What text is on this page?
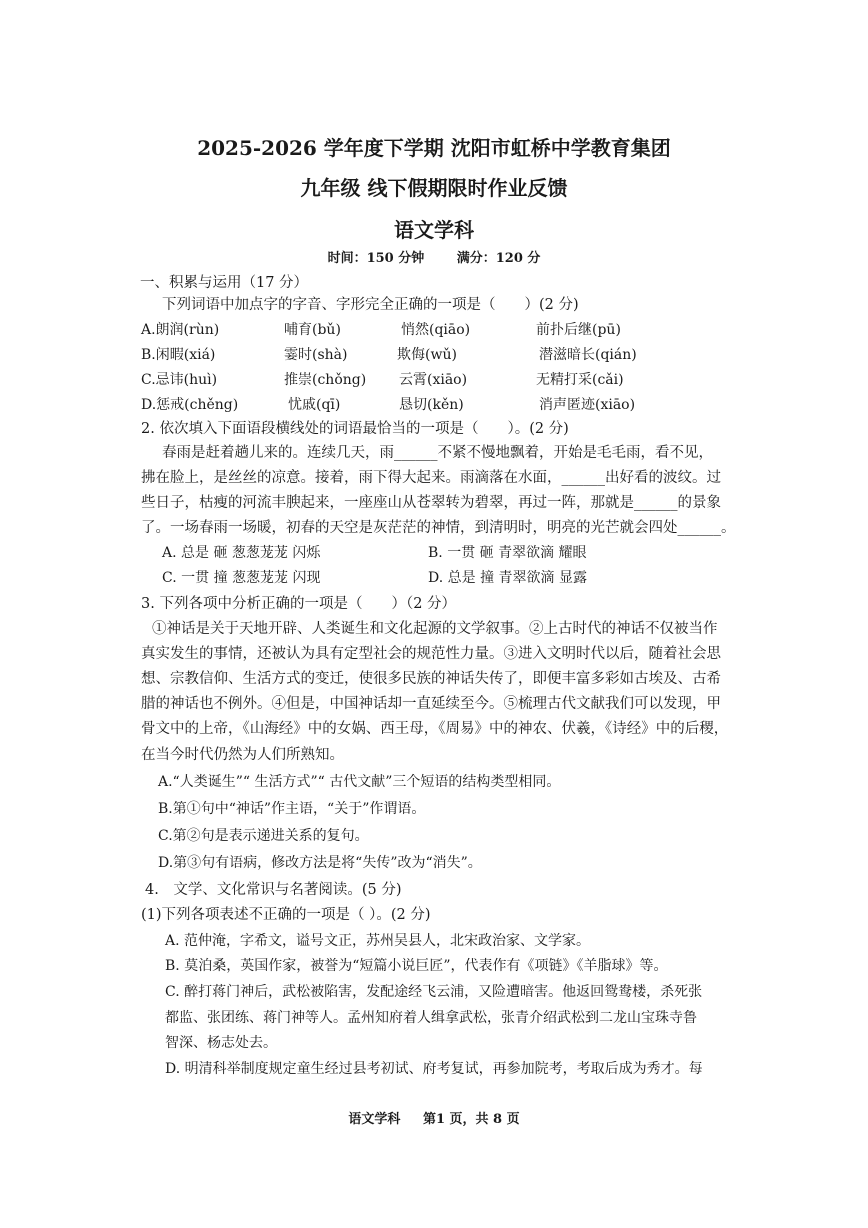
2025-2026 学年度下学期 沈阳市虹桥中学教育集团
九年级 线下假期限时作业反馈
语文学科
时间：150 分钟	满分：120 分
一、积累与运用（17 分）
下列词语中加点字的字音、字形完全正确的一项是（　　）(2 分)
A.朗润(rùn)	哺育(bǔ)	悄然(qiāo)	前扑后继(pū)
B.闲暇(xiá)	霎时(shà)	欺侮(wǔ)	潜滋暗长(qián)
C.忌讳(huì)	推崇(chǒng) 云霄(xiāo)	无精打采(cǎi)
D.惩戒(chěng)	忧戚(qī)	恳切(kěn)	消声匿迹(xiāo)
2. 依次填入下面语段横线处的词语最恰当的一项是（　　）。(2 分)
春雨是赶着趟儿来的。连续几天，雨______不紧不慢地飘着，开始是毛毛雨，看不见，
拂在脸上，是丝丝的凉意。接着，雨下得大起来。雨滴落在水面，______出好看的波纹。过
些日子，枯瘦的河流丰腴起来，一座座山从苍翠转为碧翠，再过一阵，那就是______的景象
了。一场春雨一场暖，初春的天空是灰茫茫的神情，到清明时，明亮的光芒就会四处______。
A. 总是 砸 葱葱茏茏 闪烁	B. 一贯 砸 青翠欲滴 耀眼
C. 一贯 撞 葱葱茏茏 闪现	D. 总是 撞 青翠欲滴 显露
3. 下列各项中分析正确的一项是（　　）（2 分）
①神话是关于天地开辟、人类诞生和文化起源的文学叙事。②上古时代的神话不仅被当作
真实发生的事情，还被认为具有定型社会的规范性力量。③进入文明时代以后，随着社会思
想、宗教信仰、生活方式的变迁，使很多民族的神话失传了，即便丰富多彩如古埃及、古希
腊的神话也不例外。④但是，中国神话却一直延续至今。⑤梳理古代文献我们可以发现，甲
骨文中的上帝，《山海经》中的女娲、西王母，《周易》中的神农、伏羲，《诗经》中的后稷，
在当今时代仍然为人们所熟知。
A.“人类诞生”“ 生活方式”“ 古代文献”三个短语的结构类型相同。
B.第①句中“神话”作主语，“关于”作谓语。
C.第②句是表示递进关系的复句。
D.第③句有语病，修改方法是将“失传”改为“消失”。
4.　文学、文化常识与名著阅读。(5 分)
(1)下列各项表述不正确的一项是（ ）。(2 分)
A. 范仲淹，字希文，谥号文正，苏州吴县人，北宋政治家、文学家。
B. 莫泊桑，英国作家，被誉为“短篇小说巨匠”，代表作有《项链》《羊脂球》等。
C. 醉打蒋门神后，武松被陷害，发配途经飞云浦，又险遭暗害。他返回鸳鸯楼，杀死张
都监、张团练、蒋门神等人。孟州知府着人缉拿武松，张青介绍武松到二龙山宝珠寺鲁
智深、杨志处去。
D. 明清科举制度规定童生经过县考初试、府考复试，再参加院考，考取后成为秀才。每
语文学科 第1 页，共 8 页
